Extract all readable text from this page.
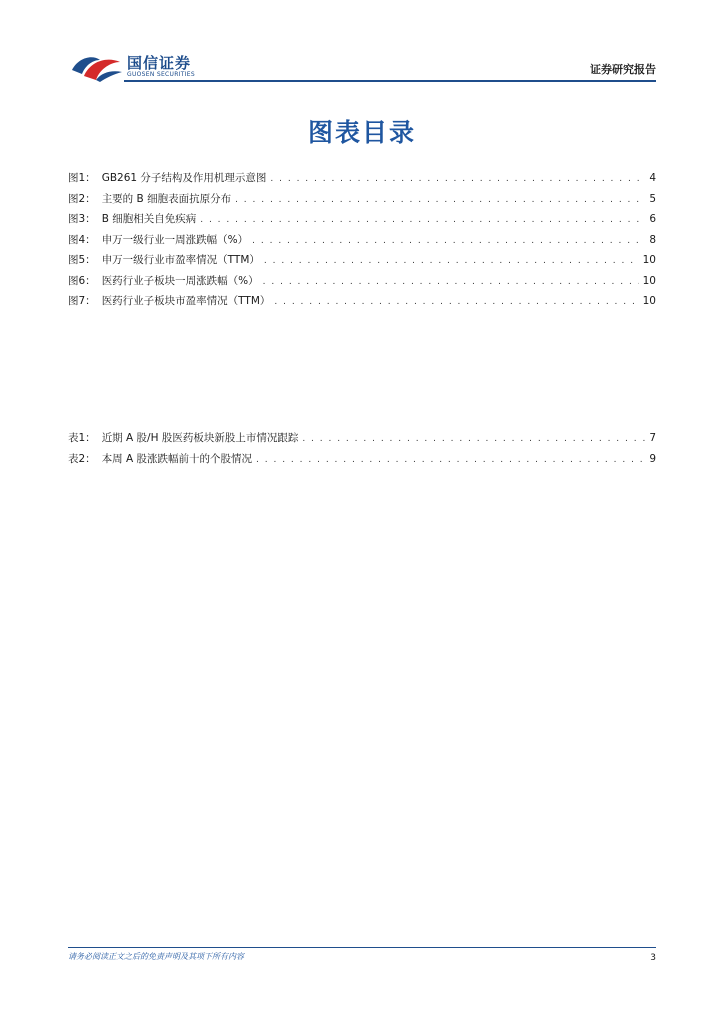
国信证券
GUOSEN SECURITIES	证券研究报告
图表目录
图1： GB261 分子结构及作用机理示意图 . . .	4
图2： 主要的 B 细胞表面抗原分布 . . .	5
图3： B 细胞相关自免疾病 . . .	6
图4： 申万一级行业一周涨跌幅（%） . . .	8
图5： 申万一级行业市盈率情况（TTM） . . .	10
图6： 医药行业子板块一周涨跌幅（%） . . .	10
图7： 医药行业子板块市盈率情况（TTM） . . .	10
表1： 近期 A 股/H 股医药板块新股上市情况跟踪 . . .	7
表2： 本周 A 股涨跌幅前十的个股情况 . . .	9
请务必阅读正文之后的免责声明及其项下所有内容	3
